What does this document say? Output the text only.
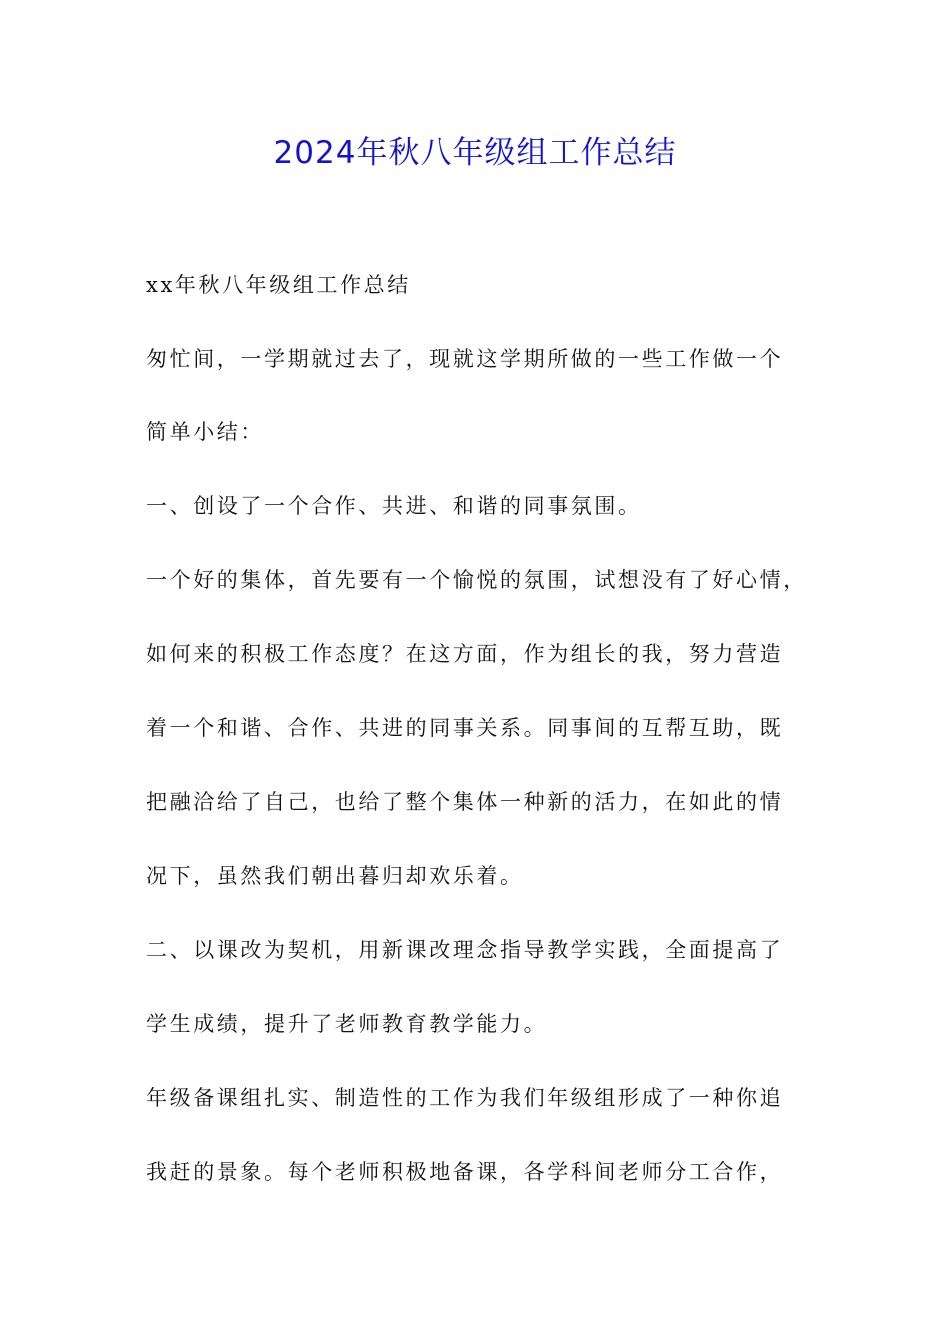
2024年秋八年级组工作总结

xx年秋八年级组工作总结

匆忙间，一学期就过去了，现就这学期所做的一些工作做一个

简单小结：

一、创设了一个合作、共进、和谐的同事氛围。

一个好的集体，首先要有一个愉悦的氛围，试想没有了好心情，

如何来的积极工作态度？在这方面，作为组长的我，努力营造

着一个和谐、合作、共进的同事关系。同事间的互帮互助，既

把融洽给了自己，也给了整个集体一种新的活力，在如此的情

况下，虽然我们朝出暮归却欢乐着。

二、以课改为契机，用新课改理念指导教学实践，全面提高了

学生成绩，提升了老师教育教学能力。

年级备课组扎实、制造性的工作为我们年级组形成了一种你追

我赶的景象。每个老师积极地备课，各学科间老师分工合作，
